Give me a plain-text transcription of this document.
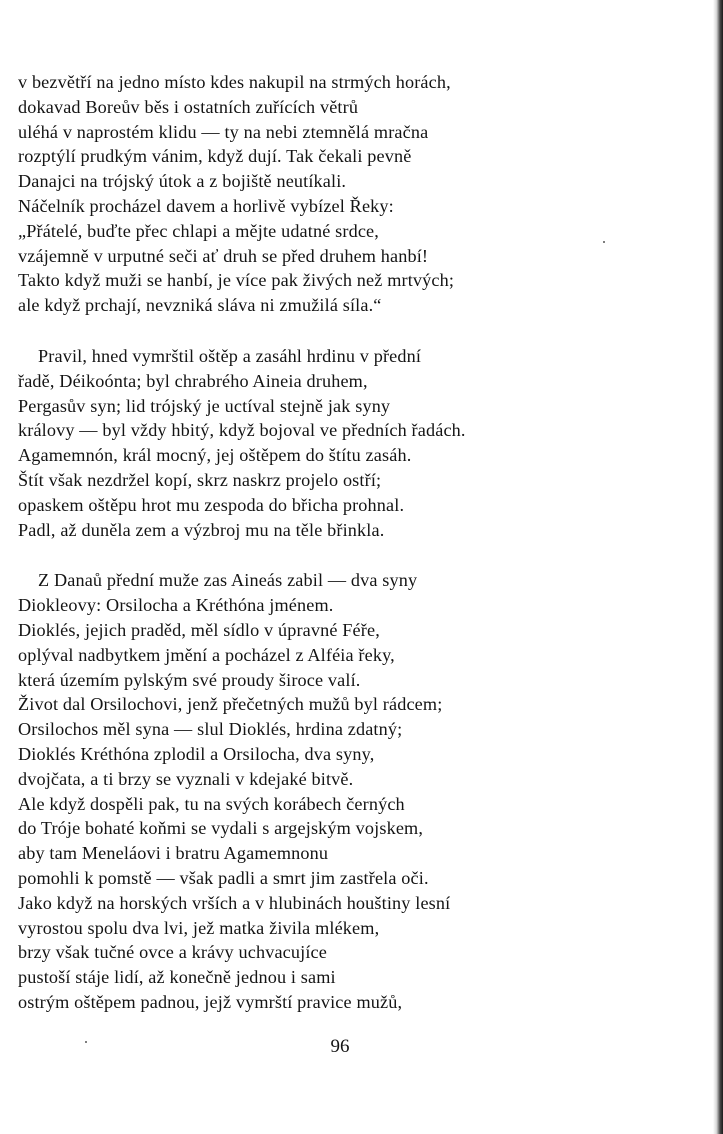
v bezvětří na jedno místo kdes nakupil na strmých horách,
dokavad Boreův běs i ostatních zuřících větrů
uléhá v naprostém klidu — ty na nebi ztemnělá mračna
rozptýlí prudkým vánim, když dují. Tak čekali pevně
Danajci na trójský útok a z bojiště neutíkali.
Náčelník procházel davem a horlivě vybízel Řeky:
„Přátelé, buďte přec chlapi a mějte udatné srdce,
vzájemně v urputné seči ať druh se před druhem hanbí!
Takto když muži se hanbí, je více pak živých než mrtvých;
ale když prchají, nevzniká sláva ni zmužilá síla.“
Pravil, hned vymrštil oštěp a zasáhl hrdinu v přední
řadě, Déikoónta; byl chrabrého Aineia druhem,
Pergasův syn; lid trójský je uctíval stejně jak syny
královy — byl vždy hbitý, když bojoval ve předních řadách.
Agamemnón, král mocný, jej oštěpem do štítu zasáh.
Štít však nezdržel kopí, skrz naskrz projelo ostří;
opaskem oštěpu hrot mu zespoda do břicha prohnal.
Padl, až duněla zem a výzbroj mu na těle břinkla.
Z Danaů přední muže zas Aineás zabil — dva syny
Diokleovy: Orsilocha a Kréthóna jménem.
Dioklés, jejich praděd, měl sídlo v úpravné Féře,
oplýval nadbytkem jmění a pocházel z Alféia řeky,
která územím pylským své proudy široce valí.
Život dal Orsilochovi, jenž přečetných mužů byl rádcem;
Orsilochos měl syna — slul Dioklés, hrdina zdatný;
Dioklés Kréthóna zplodil a Orsilocha, dva syny,
dvojčata, a ti brzy se vyznali v kdejaké bitvě.
Ale když dospěli pak, tu na svých korábech černých
do Tróje bohaté koňmi se vydali s argejským vojskem,
aby tam Meneláovi i bratru Agamemnonu
pomohli k pomstě — však padli a smrt jim zastřela oči.
Jako když na horských vrších a v hlubinách houštiny lesní
vyrostou spolu dva lvi, jež matka živila mlékem,
brzy však tučné ovce a krávy uchvacujíce
pustoší stáje lidí, až konečně jednou i sami
ostrým oštěpem padnou, jejž vymrští pravice mužů,
96
